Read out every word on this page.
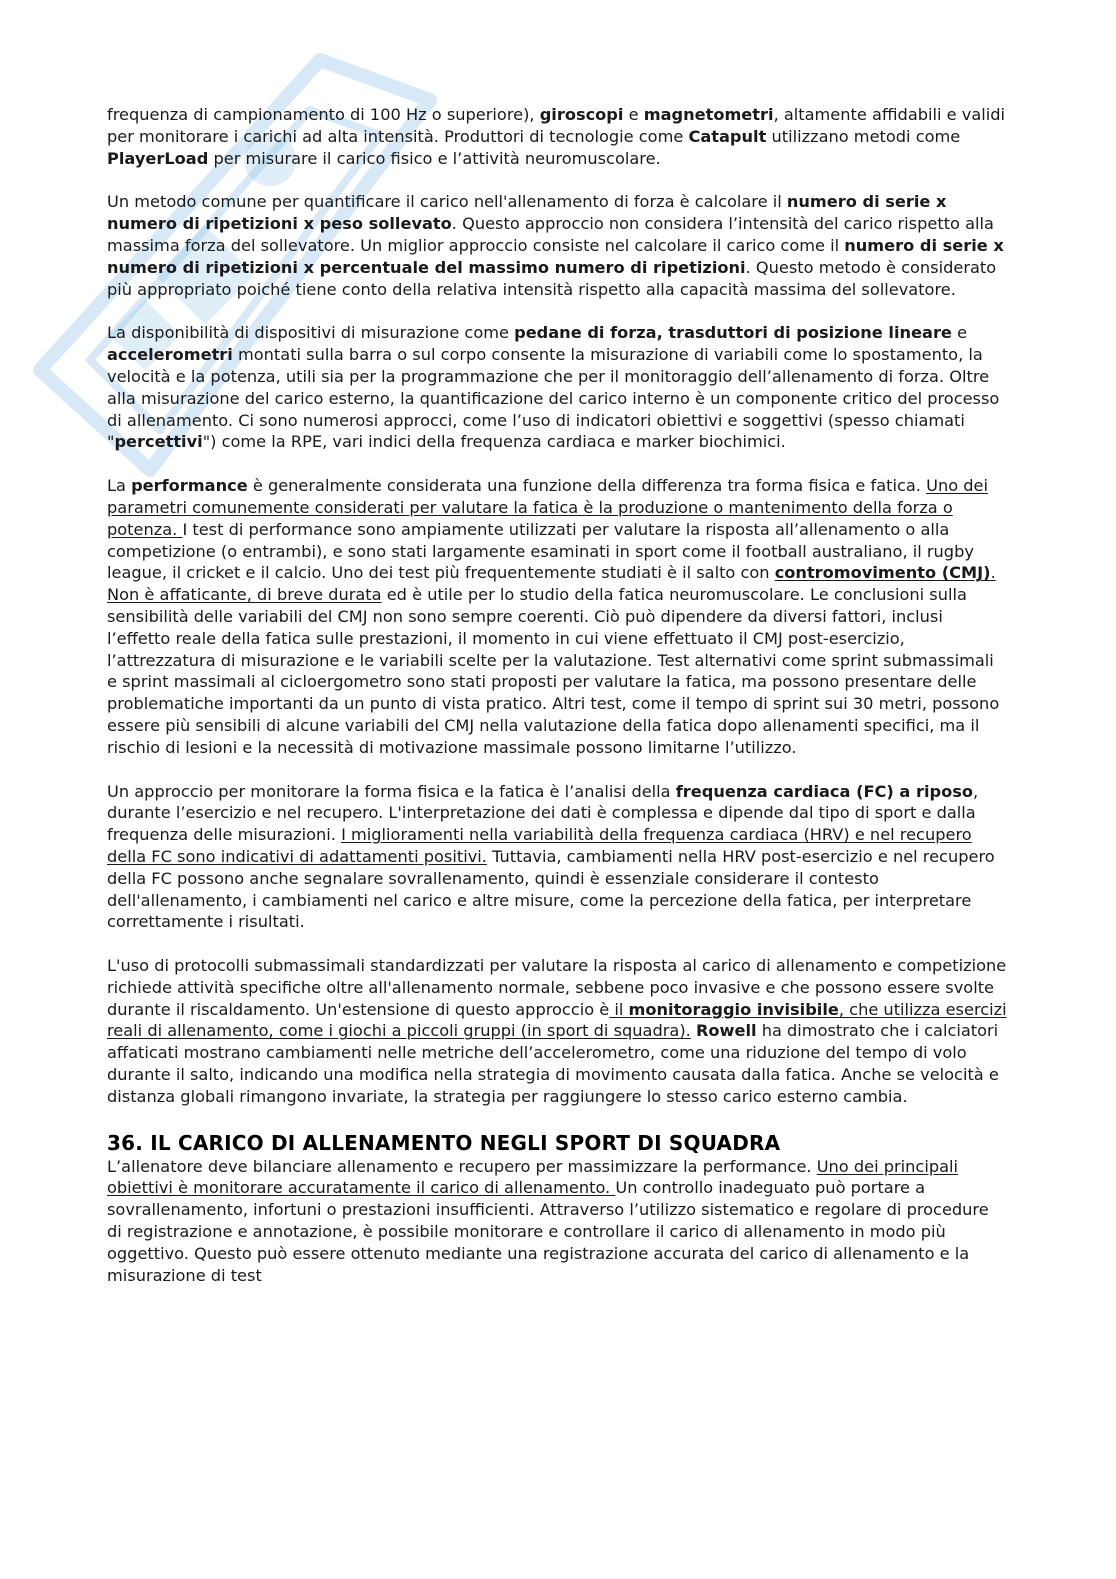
frequenza di campionamento di 100 Hz o superiore), giroscopi e magnetometri, altamente affidabili e validi per monitorare i carichi ad alta intensità. Produttori di tecnologie come Catapult utilizzano metodi come PlayerLoad per misurare il carico fisico e l’attività neuromuscolare.

Un metodo comune per quantificare il carico nell'allenamento di forza è calcolare il numero di serie x numero di ripetizioni x peso sollevato. Questo approccio non considera l’intensità del carico rispetto alla massima forza del sollevatore. Un miglior approccio consiste nel calcolare il carico come il numero di serie x numero di ripetizioni x percentuale del massimo numero di ripetizioni. Questo metodo è considerato più appropriato poiché tiene conto della relativa intensità rispetto alla capacità massima del sollevatore.

La disponibilità di dispositivi di misurazione come pedane di forza, trasduttori di posizione lineare e accelerometri montati sulla barra o sul corpo consente la misurazione di variabili come lo spostamento, la velocità e la potenza, utili sia per la programmazione che per il monitoraggio dell’allenamento di forza. Oltre alla misurazione del carico esterno, la quantificazione del carico interno è un componente critico del processo di allenamento. Ci sono numerosi approcci, come l’uso di indicatori obiettivi e soggettivi (spesso chiamati "percettivi") come la RPE, vari indici della frequenza cardiaca e marker biochimici.

La performance è generalmente considerata una funzione della differenza tra forma fisica e fatica. Uno dei parametri comunemente considerati per valutare la fatica è la produzione o mantenimento della forza o potenza. I test di performance sono ampiamente utilizzati per valutare la risposta all’allenamento o alla competizione (o entrambi), e sono stati largamente esaminati in sport come il football australiano, il rugby league, il cricket e il calcio. Uno dei test più frequentemente studiati è il salto con contromovimento (CMJ). Non è affaticante, di breve durata ed è utile per lo studio della fatica neuromuscolare. Le conclusioni sulla sensibilità delle variabili del CMJ non sono sempre coerenti. Ciò può dipendere da diversi fattori, inclusi l’effetto reale della fatica sulle prestazioni, il momento in cui viene effettuato il CMJ post-esercizio, l’attrezzatura di misurazione e le variabili scelte per la valutazione. Test alternativi come sprint submassimali e sprint massimali al cicloergometro sono stati proposti per valutare la fatica, ma possono presentare delle problematiche importanti da un punto di vista pratico. Altri test, come il tempo di sprint sui 30 metri, possono essere più sensibili di alcune variabili del CMJ nella valutazione della fatica dopo allenamenti specifici, ma il rischio di lesioni e la necessità di motivazione massimale possono limitarne l’utilizzo.

Un approccio per monitorare la forma fisica e la fatica è l’analisi della frequenza cardiaca (FC) a riposo, durante l’esercizio e nel recupero. L'interpretazione dei dati è complessa e dipende dal tipo di sport e dalla frequenza delle misurazioni. I miglioramenti nella variabilità della frequenza cardiaca (HRV) e nel recupero della FC sono indicativi di adattamenti positivi. Tuttavia, cambiamenti nella HRV post-esercizio e nel recupero della FC possono anche segnalare sovrallenamento, quindi è essenziale considerare il contesto dell'allenamento, i cambiamenti nel carico e altre misure, come la percezione della fatica, per interpretare correttamente i risultati.

L'uso di protocolli submassimali standardizzati per valutare la risposta al carico di allenamento e competizione richiede attività specifiche oltre all'allenamento normale, sebbene poco invasive e che possono essere svolte durante il riscaldamento. Un'estensione di questo approccio è il monitoraggio invisibile, che utilizza esercizi reali di allenamento, come i giochi a piccoli gruppi (in sport di squadra). Rowell ha dimostrato che i calciatori affaticati mostrano cambiamenti nelle metriche dell’accelerometro, come una riduzione del tempo di volo durante il salto, indicando una modifica nella strategia di movimento causata dalla fatica. Anche se velocità e distanza globali rimangono invariate, la strategia per raggiungere lo stesso carico esterno cambia.

36. IL CARICO DI ALLENAMENTO NEGLI SPORT DI SQUADRA

L’allenatore deve bilanciare allenamento e recupero per massimizzare la performance. Uno dei principali obiettivi è monitorare accuratamente il carico di allenamento. Un controllo inadeguato può portare a sovrallenamento, infortuni o prestazioni insufficienti. Attraverso l’utilizzo sistematico e regolare di procedure di registrazione e annotazione, è possibile monitorare e controllare il carico di allenamento in modo più oggettivo. Questo può essere ottenuto mediante una registrazione accurata del carico di allenamento e la misurazione di test
